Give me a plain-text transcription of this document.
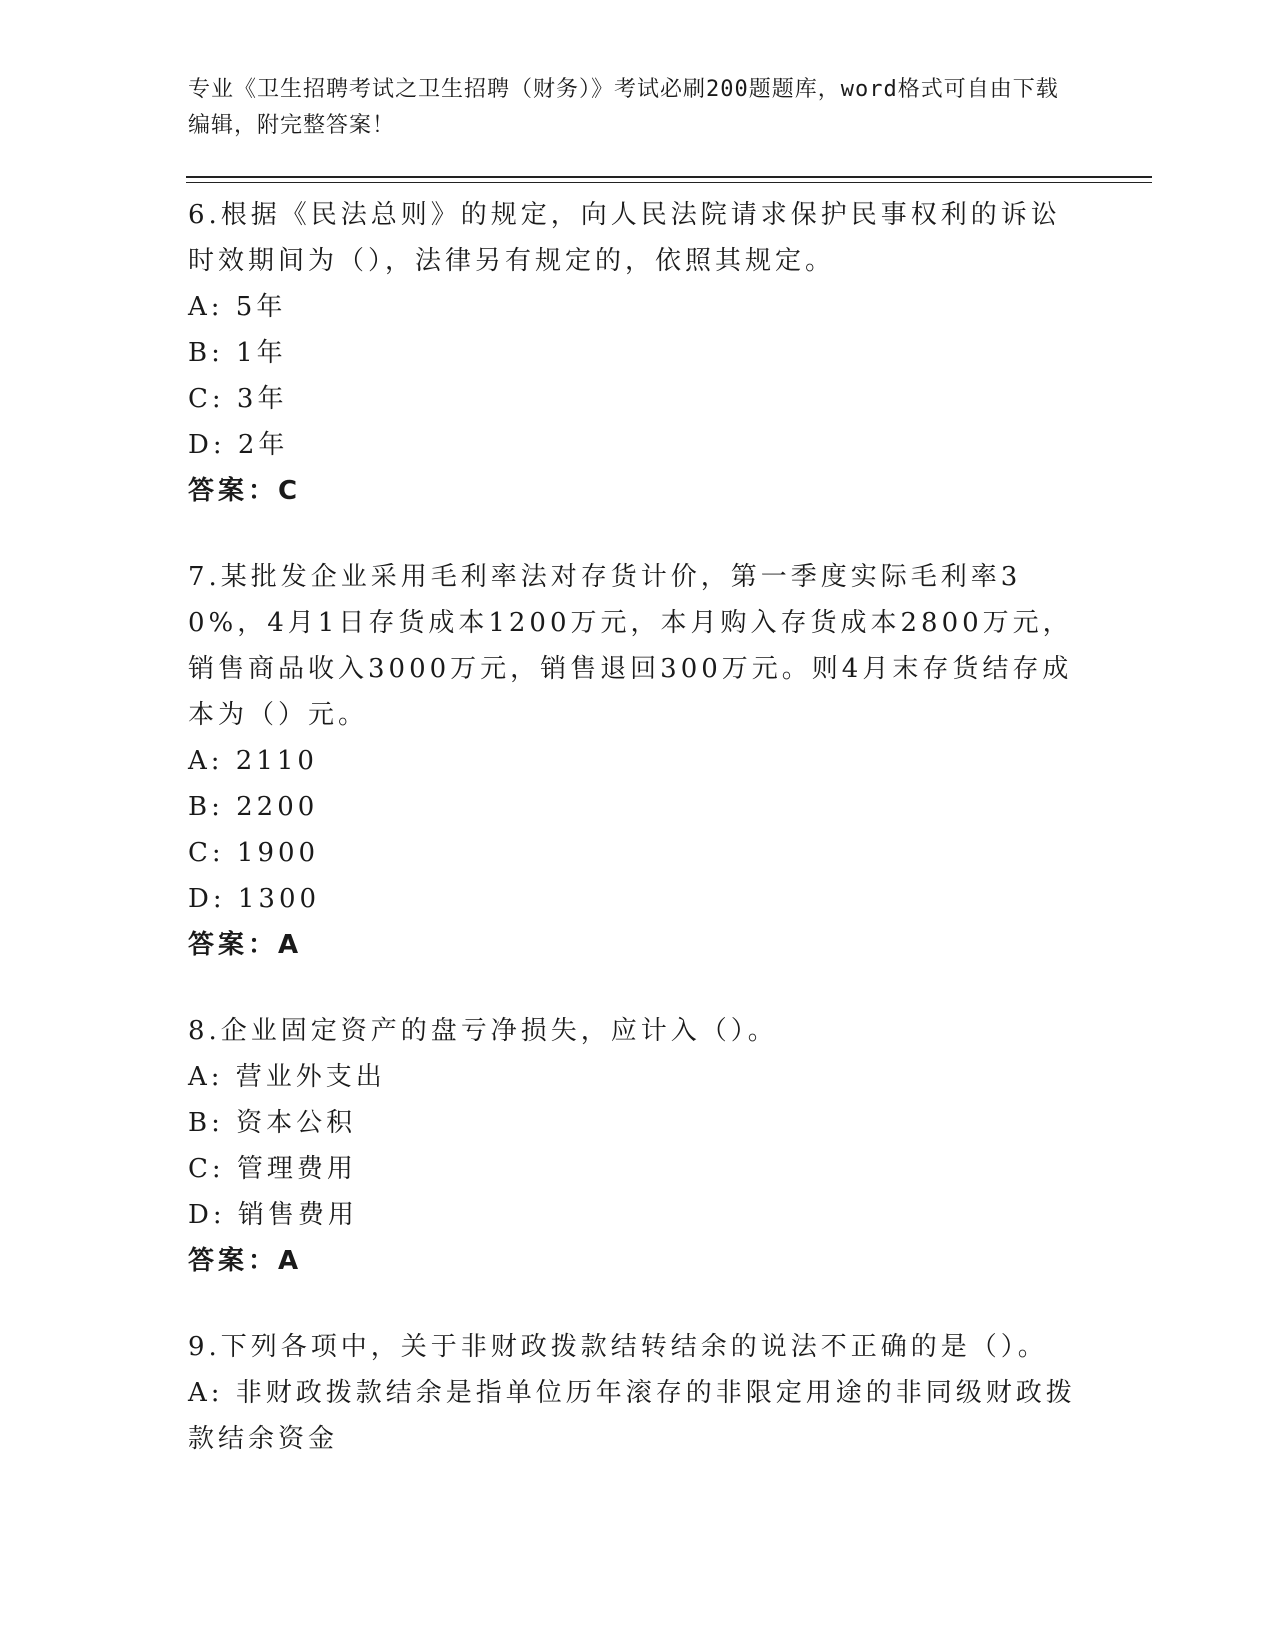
专业《卫生招聘考试之卫生招聘（财务）》考试必刷200题题库，word格式可自由下载编辑，附完整答案！
6.根据《民法总则》的规定，向人民法院请求保护民事权利的诉讼时效期间为（），法律另有规定的，依照其规定。
A: 5年
B: 1年
C: 3年
D: 2年
答案：C
7.某批发企业采用毛利率法对存货计价，第一季度实际毛利率30%，4月1日存货成本1200万元，本月购入存货成本2800万元，销售商品收入3000万元，销售退回300万元。则4月末存货结存成本为（）元。
A: 2110
B: 2200
C: 1900
D: 1300
答案：A
8.企业固定资产的盘亏净损失，应计入（）。
A: 营业外支出
B: 资本公积
C: 管理费用
D: 销售费用
答案：A
9.下列各项中，关于非财政拨款结转结余的说法不正确的是（）。
A: 非财政拨款结余是指单位历年滚存的非限定用途的非同级财政拨款结余资金
